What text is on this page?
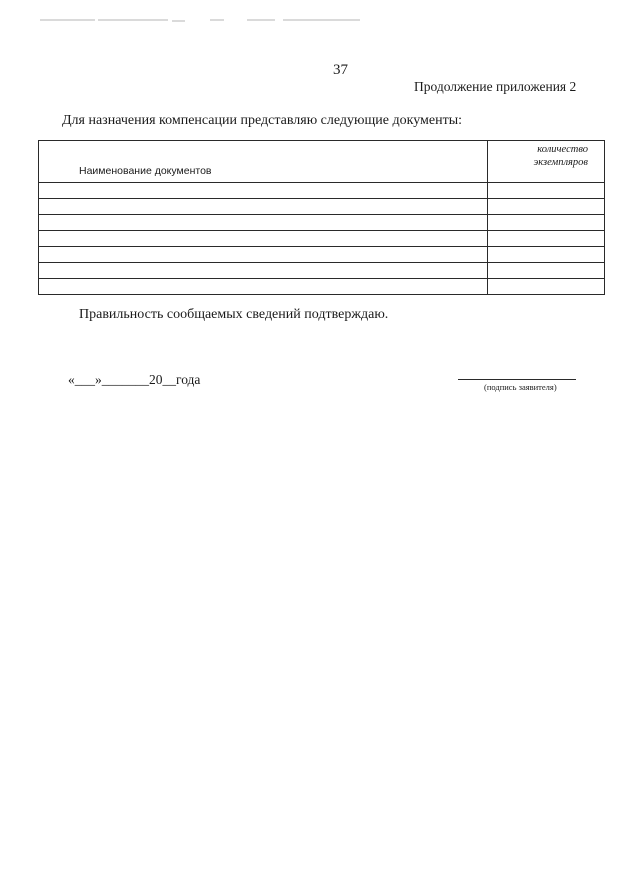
37
Продолжение приложения 2
Для назначения компенсации представляю следующие документы:
Наименование документов	количество
экземпляров

Правильность сообщаемых сведений подтверждаю.
«___»_______20__года	(подпись заявителя)
